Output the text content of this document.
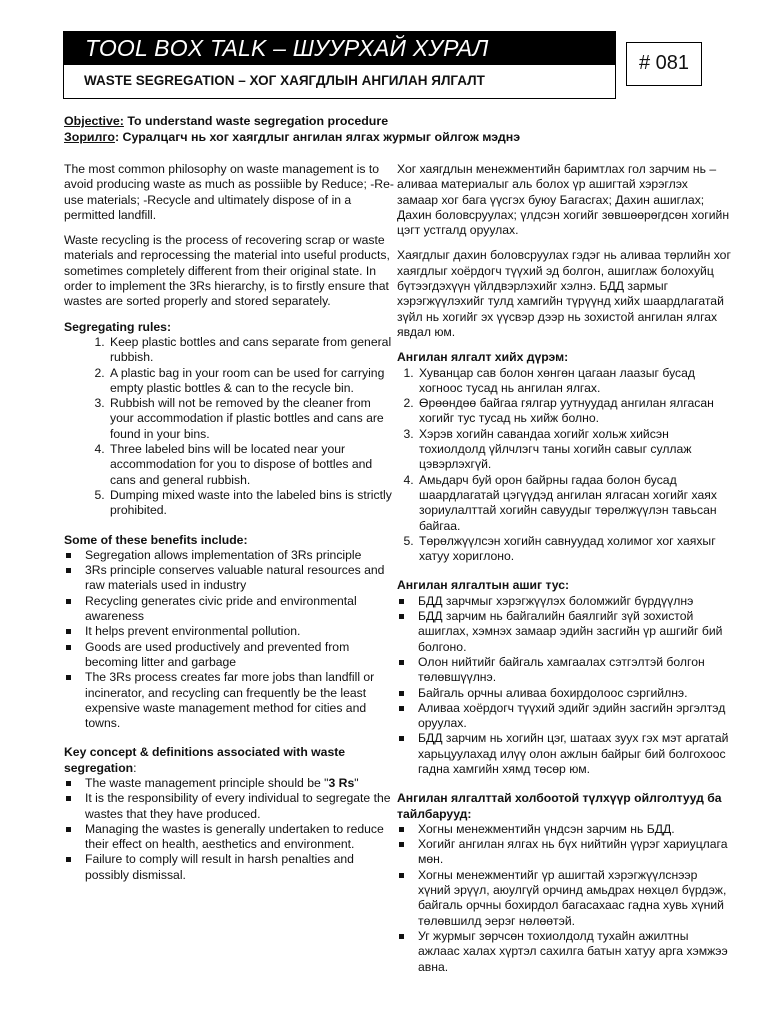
TOOL BOX TALK – ШУУРХАЙ ХУРАЛ
WASTE SEGREGATION – ХОГ ХАЯГДЛЫН АНГИЛАН ЯЛГАЛТ
# 081
Objective: To understand waste segregation procedure
Зорилго: Суралцагч нь хог хаягдлыг ангилан ялгах журмыг ойлгож мэднэ

The most common philosophy on waste management is to avoid producing waste as much as possiible by Reduce; -Re-use materials; -Recycle and ultimately dispose of in a permitted landfill.

Waste recycling is the process of recovering scrap or waste materials and reprocessing the material into useful products, sometimes completely different from their original state. In order to implement the 3Rs hierarchy, is to firstly ensure that wastes are sorted properly and stored separately.

Segregating rules:

1. Keep plastic bottles and cans separate from general rubbish.
2. A plastic bag in your room can be used for carrying empty plastic bottles & can to the recycle bin.
3. Rubbish will not be removed by the cleaner from your accommodation if plastic bottles and cans are found in your bins.
4. Three labeled bins will be located near your accommodation for you to dispose of bottles and cans and general rubbish.
5. Dumping mixed waste into the labeled bins is strictly prohibited.

Some of these benefits include:

Segregation allows implementation of 3Rs principle
3Rs principle conserves valuable natural resources and raw materials used in industry
Recycling generates civic pride and environmental awareness
It helps prevent environmental pollution.
Goods are used productively and prevented from becoming litter and garbage
The 3Rs process creates far more jobs than landfill or incinerator, and recycling can frequently be the least expensive waste management method for cities and towns.

Key concept & definitions associated with waste segregation:

The waste management principle should be "3 Rs"
It is the responsibility of every individual to segregate the wastes that they have produced.
Managing the wastes is generally undertaken to reduce their effect on health, aesthetics and environment.
Failure to comply will result in harsh penalties and possibly dismissal.

Хог хаягдлын менежментийн баримтлах гол зарчим нь –аливаа материалыг аль болох үр ашигтай хэрэглэх замаар хог бага үүсгэх буюу Багасгах; Дахин ашиглах; Дахин боловсруулах; үлдсэн хогийг зөвшөөрөгдсөн хогийн цэгт устгалд оруулах.

Хаягдлыг дахин боловсруулах гэдэг нь аливаа төрлийн хог хаягдлыг хоёрдогч түүхий эд болгон, ашиглаж болохуйц бүтээгдэхүүн үйлдвэрлэхийг хэлнэ. БДД зармыг хэрэгжүүлэхийг тулд хамгийн түрүүнд хийх шаардлагатай зүйл нь хогийг эх үүсвэр дээр нь зохистой ангилан ялгах явдал юм.

Ангилан ялгалт хийх дүрэм:

1. Хуванцар сав болон хөнгөн цагаан лаазыг бусад хогноос тусад нь ангилан ялгах.
2. Өрөөндөө байгаа гялгар уутнуудад ангилан ялгасан хогийг тус тусад нь хийж болно.
3. Хэрэв хогийн савандаа хогийг хольж хийсэн тохиолдолд үйлчлэгч таны хогийн савыг суллаж цэвэрлэхгүй.
4. Амьдарч буй орон байрны гадаа болон бусад шаардлагатай цэгүүдэд ангилан ялгасан хогийг хаях зориулалттай хогийн савуудыг төрөлжүүлэн тавьсан байгаа.
5. Төрөлжүүлсэн хогийн савнуудад холимог хог хаяхыг хатуу хориглоно.

Ангилан ялгалтын ашиг тус:

БДД зарчмыг хэрэгжүүлэх боломжийг бүрдүүлнэ
БДД зарчим нь байгалийн баялгийг зүй зохистой ашиглах, хэмнэх замаар эдийн засгийн үр ашгийг бий болгоно.
Олон нийтийг байгаль хамгаалах сэтгэлтэй болгон төлөвшүүлнэ.
Байгаль орчны аливаа бохирдолоос сэргийлнэ.
Аливаа хоёрдогч түүхий эдийг эдийн засгийн эргэлтэд оруулах.
БДД зарчим нь хогийн цэг, шатаах зуух гэх мэт аргатай харьцуулахад илүү олон ажлын байрыг бий болгохоос гадна хамгийн хямд төсөр юм.

Ангилан ялгалттай холбоотой түлхүүр ойлголтууд ба тайлбарууд:

Хогны менежментийн үндсэн зарчим нь БДД.
Хогийг ангилан ялгах нь бүх нийтийн үүрэг хариуцлага мөн.
Хогны менежментийг үр ашигтай хэрэгжүүлснээр хүний эрүүл, аюулгүй орчинд амьдрах нөхцөл бүрдэж, байгаль орчны бохирдол багасахаас гадна хувь хүний төлөвшилд эерэг нөлөөтэй.
Уг журмыг зөрчсөн тохиолдолд тухайн ажилтны ажлаас халах хүртэл сахилга батын хатуу арга хэмжээ авна.
